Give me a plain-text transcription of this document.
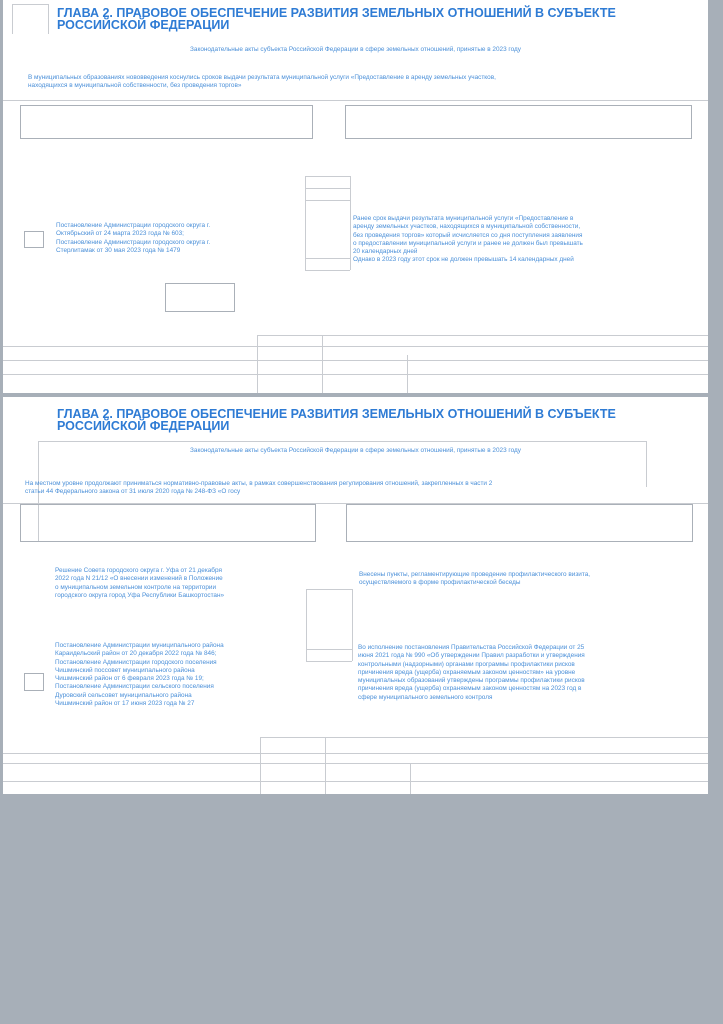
ГЛАВА 2. ПРАВОВОЕ ОБЕСПЕЧЕНИЕ РАЗВИТИЯ ЗЕМЕЛЬНЫХ ОТНОШЕНИЙ В СУБЪЕКТЕ
РОССИЙСКОЙ ФЕДЕРАЦИИ
Законодательные акты субъекта Российской Федерации в сфере земельных отношений, принятые в 2023 году

В муниципальных образованиях нововведения коснулись сроков выдачи результата муниципальной услуги «Предоставление в аренду земельных участков,
находящихся в муниципальной собственности, без проведения торгов»

Постановление Администрации городского округа г.
Октябрьский от 24 марта 2023 года № 603;
Постановление Администрации городского округа г.
Стерлитамак от 30 мая 2023 года № 1479

Ранее срок выдачи результата муниципальной услуги «Предоставление в
аренду земельных участков, находящихся в муниципальной собственности,
без проведения торгов» который исчисляется со дня поступления заявления
о предоставлении муниципальной услуги и ранее не должен был превышать
20 календарных дней
Однако в 2023 году этот срок не должен превышать 14 календарных дней

ГЛАВА 2. ПРАВОВОЕ ОБЕСПЕЧЕНИЕ РАЗВИТИЯ ЗЕМЕЛЬНЫХ ОТНОШЕНИЙ В СУБЪЕКТЕ
РОССИЙСКОЙ ФЕДЕРАЦИИ
Законодательные акты субъекта Российской Федерации в сфере земельных отношений, принятые в 2023 году

На местном уровне продолжают приниматься нормативно-правовые акты, в рамках совершенствования регулирования отношений, закрепленных в части 2
статьи 44 Федерального закона от 31 июля 2020 года № 248-ФЗ «О госу

Решение Совета городского округа г. Уфа от 21 декабря
2022 года N 21/12 «О внесении изменений в Положение
о муниципальном земельном контроле на территории
городского округа город Уфа Республики Башкортостан»

Внесены пункты, регламентирующие проведение профилактического визита,
осуществляемого в форме профилактической беседы

Постановление Администрации муниципального района
Караидельский район от 20 декабря 2022 года № 846;
Постановление Администрации городского поселения
Чишминский поссовет муниципального района
Чишминский район от 6 февраля 2023 года № 19;
Постановление Администрации сельского поселения
Дуровский сельсовет муниципального района
Чишминский район от 17 июня 2023 года № 27

Во исполнение постановления Правительства Российской Федерации от 25
июня 2021 года № 990 «Об утверждении Правил разработки и утверждения
контрольными (надзорными) органами программы профилактики рисков
причинения вреда (ущерба) охраняемым законом ценностям» на уровне
муниципальных образований утверждены программы профилактики рисков
причинения вреда (ущерба) охраняемым законом ценностям на 2023 год в
сфере муниципального земельного контроля
